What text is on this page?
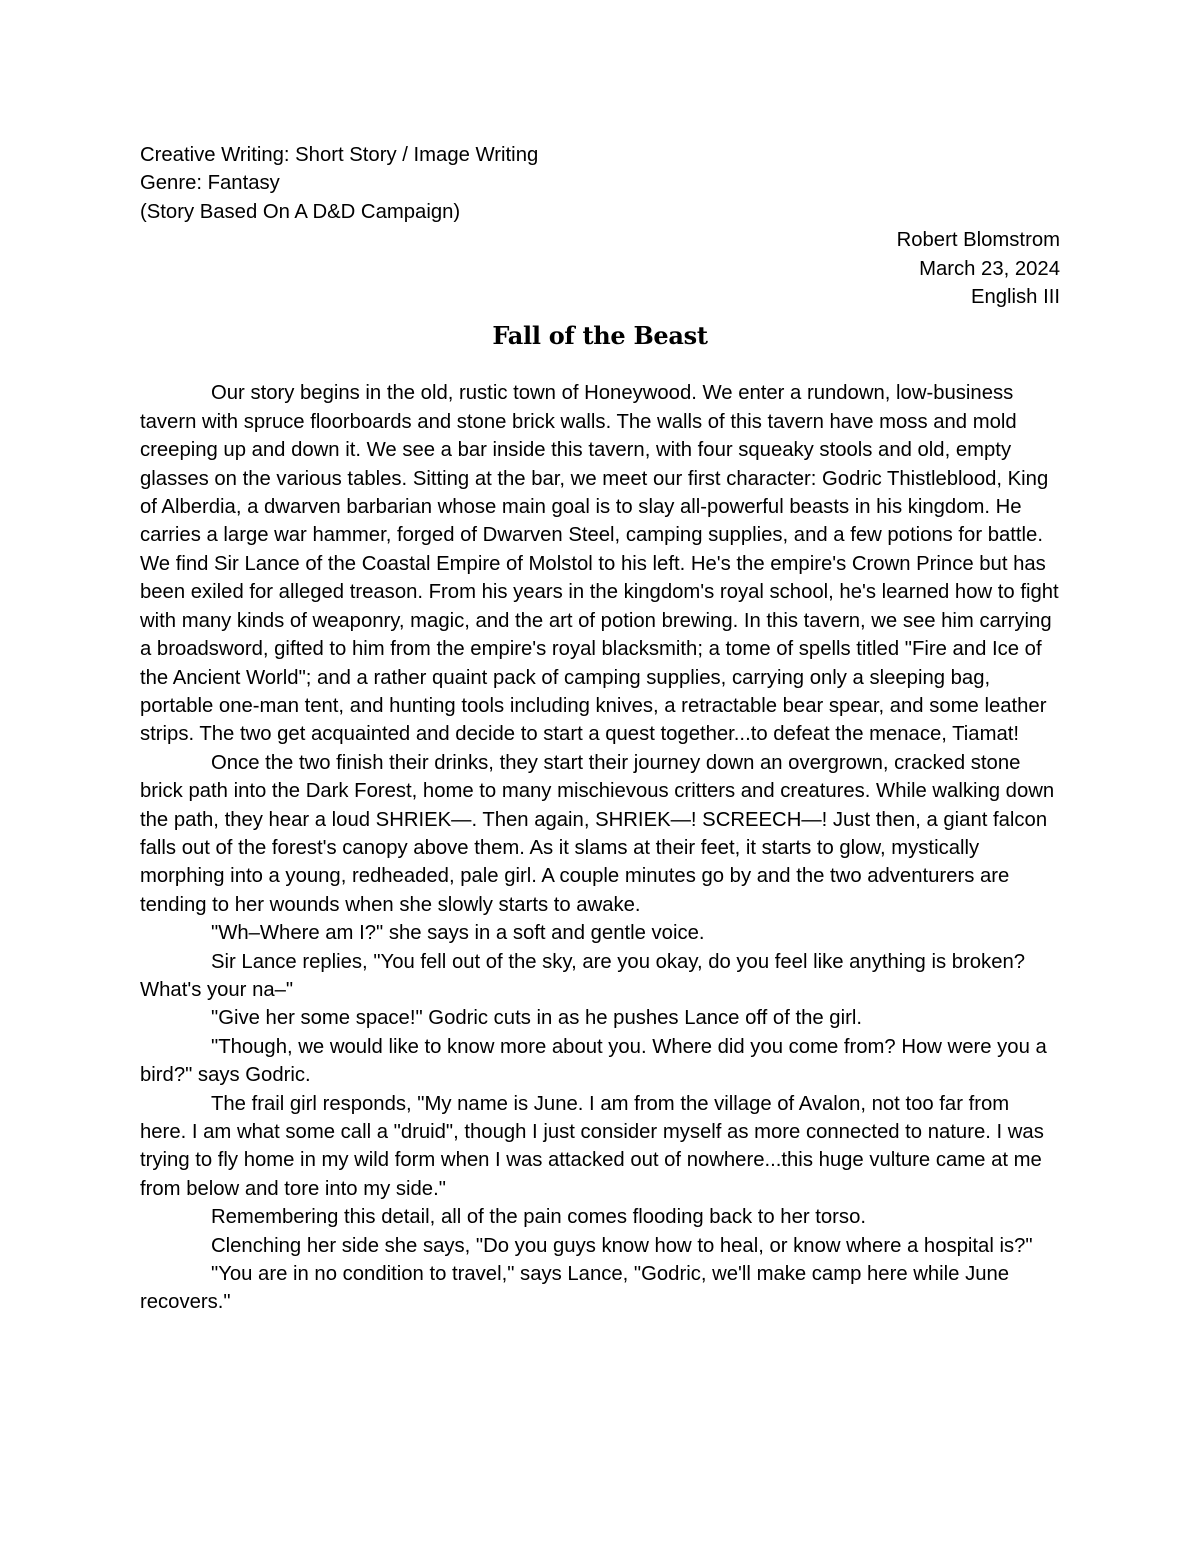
Creative Writing: Short Story / Image Writing

Genre: Fantasy

(Story Based On A D&D Campaign)

Robert Blomstrom

March 23, 2024

English III

Fall of the Beast

Our story begins in the old, rustic town of Honeywood. We enter a rundown, low-business tavern with spruce floorboards and stone brick walls. The walls of this tavern have moss and mold creeping up and down it. We see a bar inside this tavern, with four squeaky stools and old, empty glasses on the various tables. Sitting at the bar, we meet our first character: Godric Thistleblood, King of Alberdia, a dwarven barbarian whose main goal is to slay all-powerful beasts in his kingdom. He carries a large war hammer, forged of Dwarven Steel, camping supplies, and a few potions for battle. We find Sir Lance of the Coastal Empire of Molstol to his left. He's the empire's Crown Prince but has been exiled for alleged treason. From his years in the kingdom's royal school, he's learned how to fight with many kinds of weaponry, magic, and the art of potion brewing. In this tavern, we see him carrying a broadsword, gifted to him from the empire's royal blacksmith; a tome of spells titled "Fire and Ice of the Ancient World"; and a rather quaint pack of camping supplies, carrying only a sleeping bag, portable one-man tent, and hunting tools including knives, a retractable bear spear, and some leather strips. The two get acquainted and decide to start a quest together...to defeat the menace, Tiamat!

Once the two finish their drinks, they start their journey down an overgrown, cracked stone brick path into the Dark Forest, home to many mischievous critters and creatures. While walking down the path, they hear a loud SHRIEK—. Then again, SHRIEK—! SCREECH—! Just then, a giant falcon falls out of the forest's canopy above them. As it slams at their feet, it starts to glow, mystically morphing into a young, redheaded, pale girl. A couple minutes go by and the two adventurers are tending to her wounds when she slowly starts to awake.

"Wh–Where am I?" she says in a soft and gentle voice.

Sir Lance replies, "You fell out of the sky, are you okay, do you feel like anything is broken? What's your na–"

"Give her some space!" Godric cuts in as he pushes Lance off of the girl.

"Though, we would like to know more about you. Where did you come from? How were you a bird?" says Godric.

The frail girl responds, "My name is June. I am from the village of Avalon, not too far from here. I am what some call a "druid", though I just consider myself as more connected to nature. I was trying to fly home in my wild form when I was attacked out of nowhere...this huge vulture came at me from below and tore into my side."

Remembering this detail, all of the pain comes flooding back to her torso.

Clenching her side she says, "Do you guys know how to heal, or know where a hospital is?"

"You are in no condition to travel," says Lance, "Godric, we'll make camp here while June recovers."
